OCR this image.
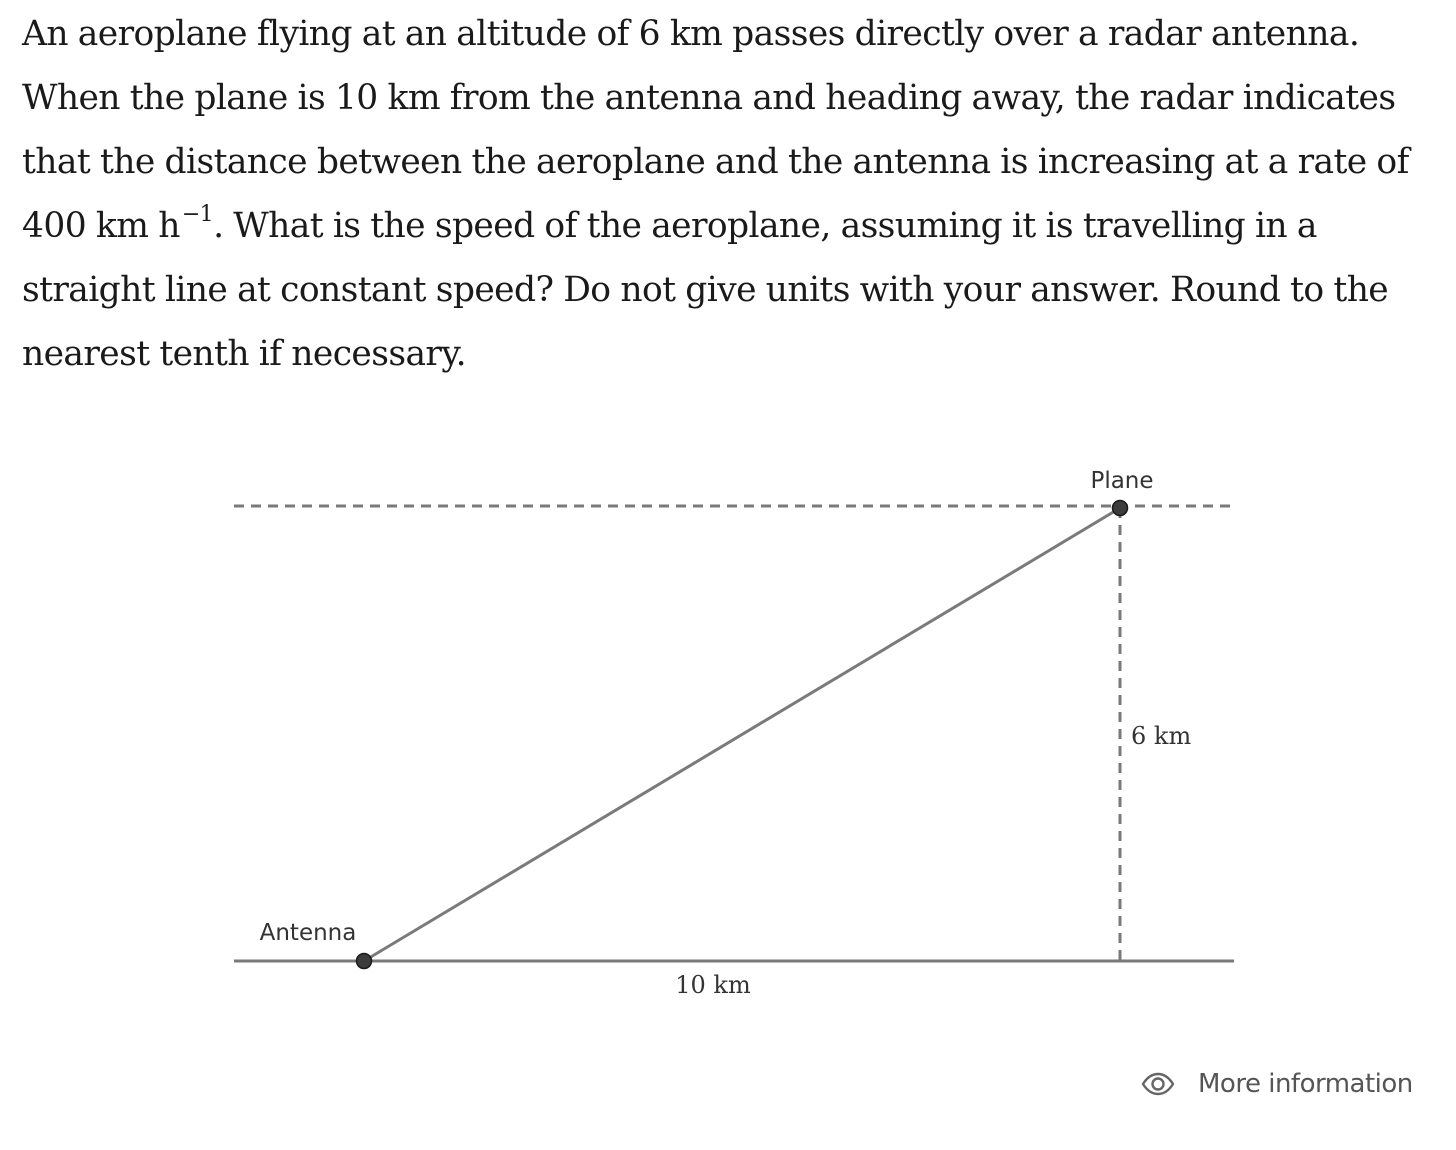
An aeroplane flying at an altitude of 6 km passes directly over a radar antenna. When the plane is 10 km from the antenna and heading away, the radar indicates that the distance between the aeroplane and the antenna is increasing at a rate of 400 km $h^{-1}$. What is the speed of the aeroplane, assuming it is travelling in a straight line at constant speed? Do not give units with your answer. Round to the nearest tenth if necessary.
Plane
Antenna
6 km
10 km
More information
